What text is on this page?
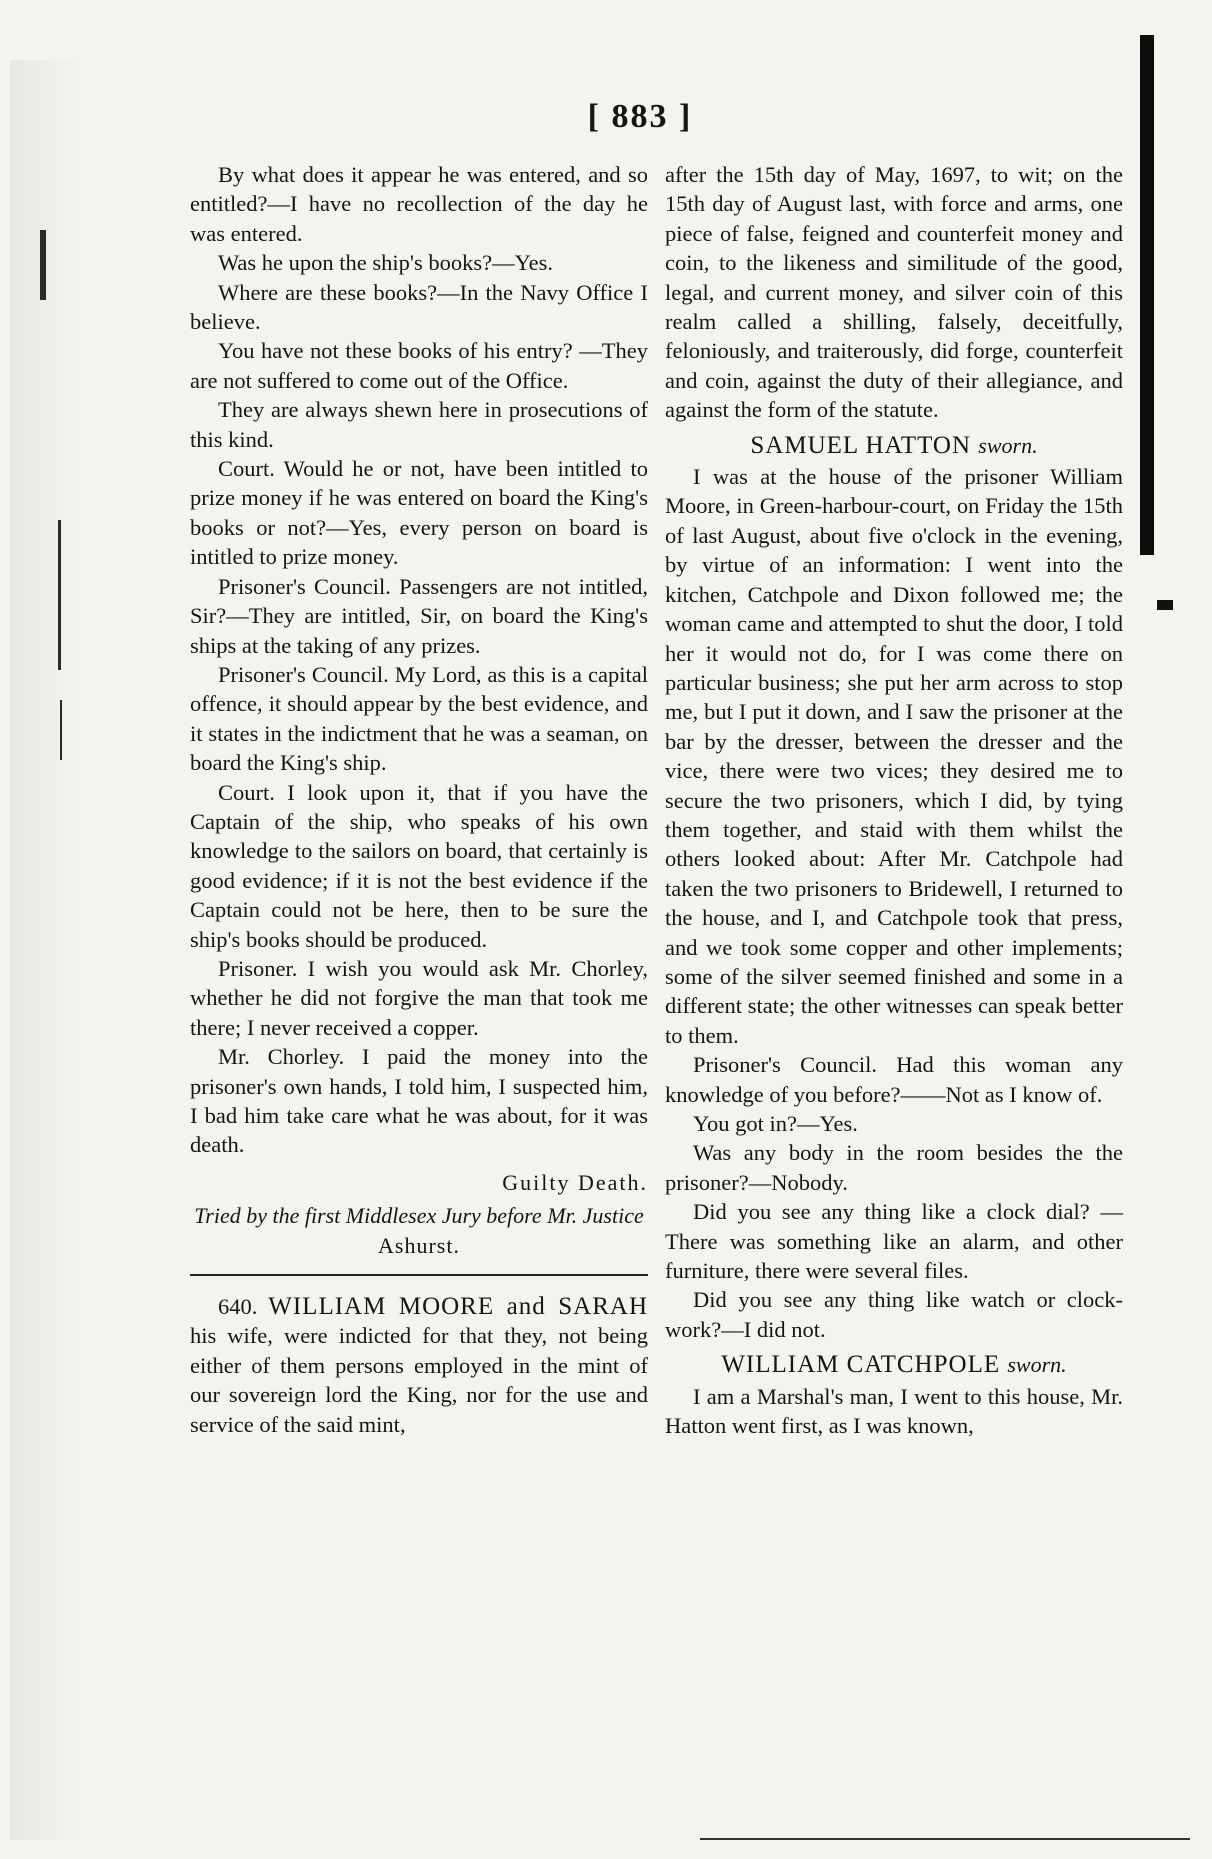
[ 883 ]

By what does it appear he was entered, and so entitled?—I have no recollection of the day he was entered.

Was he upon the ship's books?—Yes.

Where are these books?—In the Navy Office I believe.

You have not these books of his entry? —They are not suffered to come out of the Office.

They are always shewn here in prosecutions of this kind.

Court. Would he or not, have been intitled to prize money if he was entered on board the King's books or not?—Yes, every person on board is intitled to prize money.

Prisoner's Council. Passengers are not intitled, Sir?—They are intitled, Sir, on board the King's ships at the taking of any prizes.

Prisoner's Council. My Lord, as this is a capital offence, it should appear by the best evidence, and it states in the indictment that he was a seaman, on board the King's ship.

Court. I look upon it, that if you have the Captain of the ship, who speaks of his own knowledge to the sailors on board, that certainly is good evidence; if it is not the best evidence if the Captain could not be here, then to be sure the ship's books should be produced.

Prisoner. I wish you would ask Mr. Chorley, whether he did not forgive the man that took me there; I never received a copper.

Mr. Chorley. I paid the money into the prisoner's own hands, I told him, I suspected him, I bad him take care what he was about, for it was death.

Guilty Death.
Tried by the first Middlesex Jury before Mr. Justice Ashurst.

640. WILLIAM MOORE and SARAH his wife, were indicted for that they, not being either of them persons employed in the mint of our sovereign lord the King, nor for the use and service of the said mint,

after the 15th day of May, 1697, to wit; on the 15th day of August last, with force and arms, one piece of false, feigned and counterfeit money and coin, to the likeness and similitude of the good, legal, and current money, and silver coin of this realm called a shilling, falsely, deceitfully, feloniously, and traiterously, did forge, counterfeit and coin, against the duty of their allegiance, and against the form of the statute.

SAMUEL HATTON sworn.

I was at the house of the prisoner William Moore, in Green-harbour-court, on Friday the 15th of last August, about five o'clock in the evening, by virtue of an information: I went into the kitchen, Catchpole and Dixon followed me; the woman came and attempted to shut the door, I told her it would not do, for I was come there on particular business; she put her arm across to stop me, but I put it down, and I saw the prisoner at the bar by the dresser, between the dresser and the vice, there were two vices; they desired me to secure the two prisoners, which I did, by tying them together, and staid with them whilst the others looked about: After Mr. Catchpole had taken the two prisoners to Bridewell, I returned to the house, and I, and Catchpole took that press, and we took some copper and other implements; some of the silver seemed finished and some in a different state; the other witnesses can speak better to them.

Prisoner's Council. Had this woman any knowledge of you before?——Not as I know of.

You got in?—Yes.

Was any body in the room besides the the prisoner?—Nobody.

Did you see any thing like a clock dial? —There was something like an alarm, and other furniture, there were several files.

Did you see any thing like watch or clock-work?—I did not.

WILLIAM CATCHPOLE sworn.

I am a Marshal's man, I went to this house, Mr. Hatton went first, as I was known,
